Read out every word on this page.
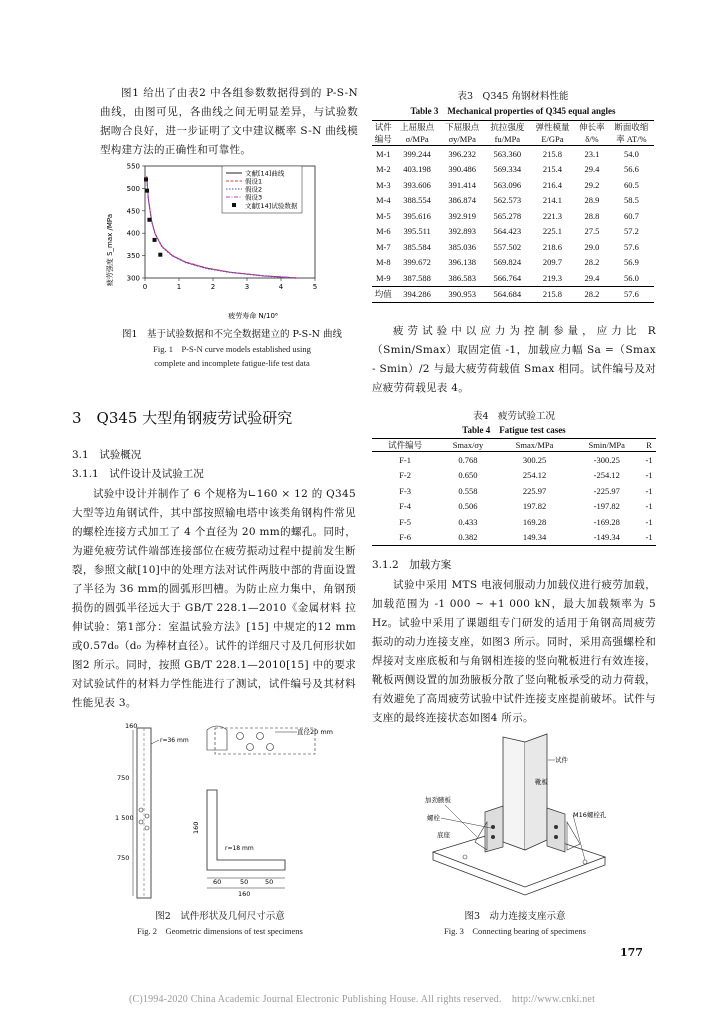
图1 给出了由表2 中各组参数数据得到的 P-S-N 曲线，由图可见，各曲线之间无明显差异，与试验数据吻合良好，进一步证明了文中建议概率 S-N 曲线模型构建方法的正确性和可靠性。

疲劳强度 S_max /MPa
疲劳寿命 N/10⁶
0	1	2	3	4	5
300
350
400
450
500
550
文献[14]曲线
假设1
假设2
假设3
文献[14]试验数据
图1　基于试验数据和不完全数据建立的 P-S-N 曲线
Fig. 1　P-S-N curve models established using
complete and incomplete fatigue-life test data
3　Q345 大型角钢疲劳试验研究
3.1　试验概况
3.1.1　试件设计及试验工况

试验中设计并制作了 6 个规格为∟160 × 12 的 Q345 大型等边角钢试件，其中部按照输电塔中该类角钢构件常见的螺栓连接方式加工了 4 个直径为 20 mm的螺孔。同时，为避免疲劳试件端部连接部位在疲劳振动过程中提前发生断裂，参照文献[10]中的处理方法对试件两肢中部的背面设置了半径为 36 mm的圆弧形凹槽。为防止应力集中，角钢预损伤的圆弧半径远大于 GB/T 228.1—2010《金属材料 拉伸试验：第1部分：室温试验方法》[15] 中规定的12 mm 或0.57d₀（d₀ 为棒材直径）。试件的详细尺寸及几何形状如图2 所示。同时，按照 GB/T 228.1—2010[15] 中的要求对试验试件的材料力学性能进行了测试，试件编号及其材料性能见表 3。

160
750
1 500
750
r=36 mm
直径20 mm
160
r=18 mm
60	50	50
160
图2　试件形状及几何尺寸示意
Fig. 2　Geometric dimensions of test specimens
表3　Q345 角钢材料性能
Table 3　Mechanical properties of Q345 equal angles
试件	上屈服点	下屈服点	抗拉强度	弹性模量	伸长率	断面收缩
编号	σ/MPa	σy/MPa	fu/MPa	E/GPa	δ/%	率 AT/%
M-1	399.244	396.232	563.360	215.8	23.1	54.0
M-2	403.198	390.486	569.334	215.4	29.4	56.6
M-3	393.606	391.414	563.096	216.4	29.2	60.5
M-4	388.554	386.874	562.573	214.1	28.9	58.5
M-5	395.616	392.919	565.278	221.3	28.8	60.7
M-6	395.511	392.893	564.423	225.1	27.5	57.2
M-7	385.584	385.036	557.502	218.6	29.0	57.6
M-8	399.672	396.138	569.824	209.7	28.2	56.9
M-9	387.588	386.583	566.764	219.3	29.4	56.0
均值	394.286	390.953	564.684	215.8	28.2	57.6

疲劳试验中以应力为控制参量，应力比 R（Smin/Smax）取固定值 -1，加载应力幅 Sa =（Smax - Smin）/2 与最大疲劳荷载值 Smax 相同。试件编号及对应疲劳荷载见表 4。

表4　疲劳试验工况
Table 4　Fatigue test cases
试件编号	Smax/σy	Smax/MPa	Smin/MPa	R
F-1	0.768	300.25	-300.25	-1
F-2	0.650	254.12	-254.12	-1
F-3	0.558	225.97	-225.97	-1
F-4	0.506	197.82	-197.82	-1
F-5	0.433	169.28	-169.28	-1
F-6	0.382	149.34	-149.34	-1
3.1.2　加载方案

试验中采用 MTS 电液伺服动力加载仪进行疲劳加载，加载范围为 -1 000 ~ +1 000 kN，最大加载频率为 5 Hz。试验中采用了课题组专门研发的适用于角钢高周疲劳振动的动力连接支座，如图3 所示。同时，采用高强螺栓和焊接对支座底板和与角钢相连接的竖向靴板进行有效连接，靴板两侧设置的加劲腋板分散了竖向靴板承受的动力荷载，有效避免了高周疲劳试验中试件连接支座提前破坏。试件与支座的最终连接状态如图4 所示。

试件
靴板
加劲腋板
螺栓
底座
M16螺栓孔
图3　动力连接支座示意
Fig. 3　Connecting bearing of specimens
177
(C)1994-2020 China Academic Journal Electronic Publishing House. All rights reserved.　http://www.cnki.net
